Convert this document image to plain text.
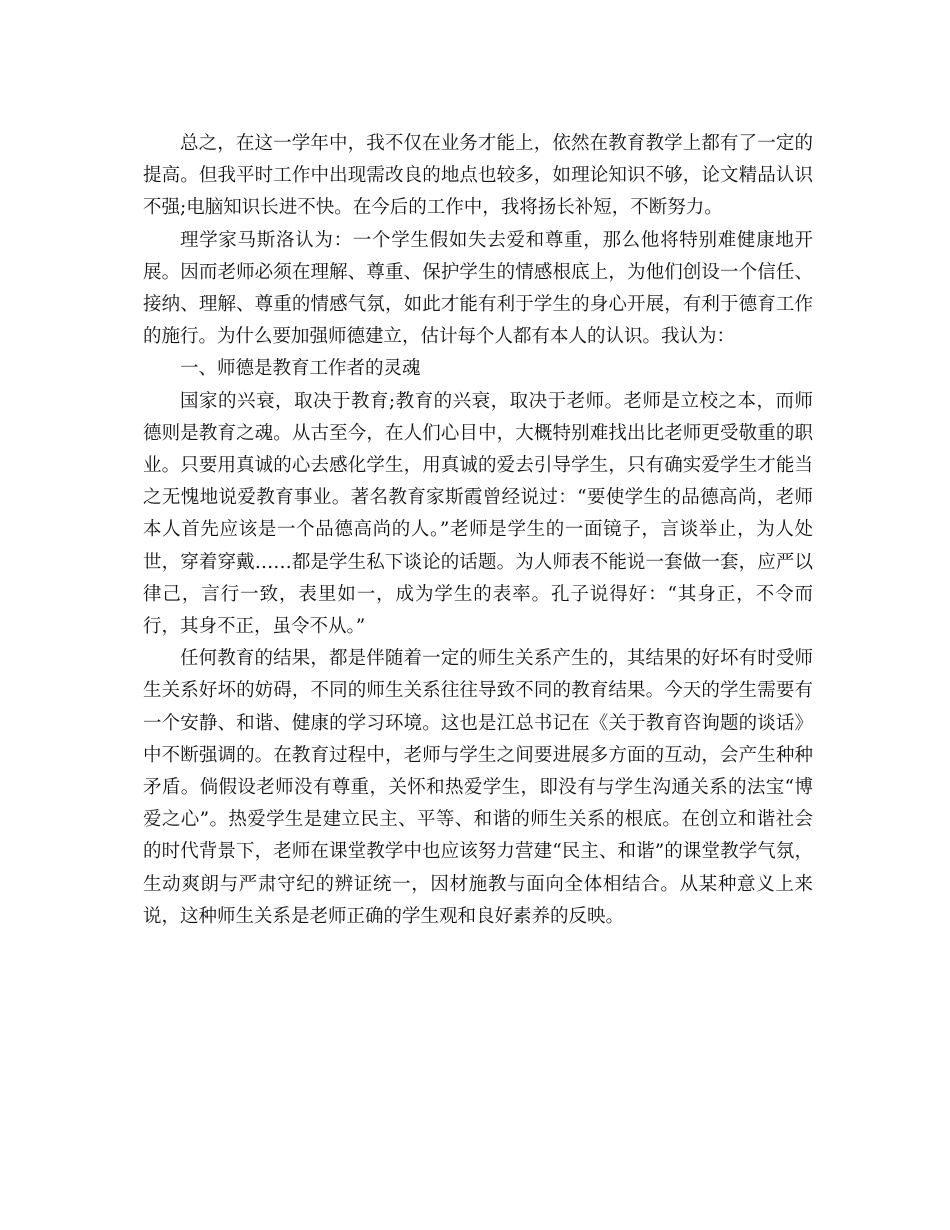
总之，在这一学年中，我不仅在业务才能上，依然在教育教学上都有了一定的提高。但我平时工作中出现需改良的地点也较多，如理论知识不够，论文精品认识不强;电脑知识长进不快。在今后的工作中，我将扬长补短，不断努力。

理学家马斯洛认为：一个学生假如失去爱和尊重，那么他将特别难健康地开展。因而老师必须在理解、尊重、保护学生的情感根底上，为他们创设一个信任、接纳、理解、尊重的情感气氛，如此才能有利于学生的身心开展，有利于德育工作的施行。为什么要加强师德建立，估计每个人都有本人的认识。我认为：

一、师德是教育工作者的灵魂

国家的兴衰，取决于教育;教育的兴衰，取决于老师。老师是立校之本，而师德则是教育之魂。从古至今，在人们心目中，大概特别难找出比老师更受敬重的职业。只要用真诚的心去感化学生，用真诚的爱去引导学生，只有确实爱学生才能当之无愧地说爱教育事业。著名教育家斯霞曾经说过：“要使学生的品德高尚，老师本人首先应该是一个品德高尚的人。”老师是学生的一面镜子，言谈举止，为人处世，穿着穿戴……都是学生私下谈论的话题。为人师表不能说一套做一套，应严以律己，言行一致，表里如一，成为学生的表率。孔子说得好：“其身正，不令而行，其身不正，虽令不从。”

任何教育的结果，都是伴随着一定的师生关系产生的，其结果的好坏有时受师生关系好坏的妨碍，不同的师生关系往往导致不同的教育结果。今天的学生需要有一个安静、和谐、健康的学习环境。这也是江总书记在《关于教育咨询题的谈话》中不断强调的。在教育过程中，老师与学生之间要进展多方面的互动，会产生种种矛盾。倘假设老师没有尊重，关怀和热爱学生，即没有与学生沟通关系的法宝“博爱之心”。热爱学生是建立民主、平等、和谐的师生关系的根底。在创立和谐社会的时代背景下，老师在课堂教学中也应该努力营建“民主、和谐”的课堂教学气氛，生动爽朗与严肃守纪的辨证统一，因材施教与面向全体相结合。从某种意义上来说，这种师生关系是老师正确的学生观和良好素养的反映。
